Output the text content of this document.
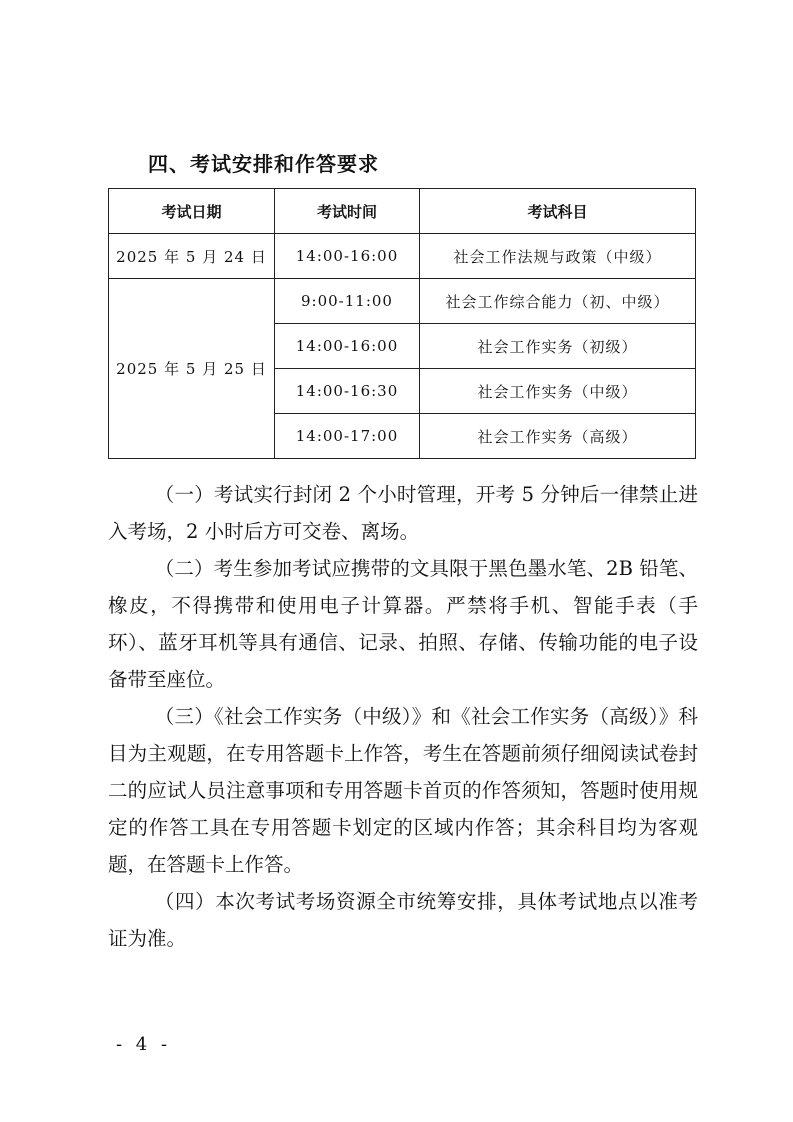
四、考试安排和作答要求
考试日期	考试时间	考试科目
2025 年 5 月 24 日	14:00-16:00	社会工作法规与政策（中级）
2025 年 5 月 25 日	9:00-11:00	社会工作综合能力（初、中级）
	14:00-16:00	社会工作实务（初级）
	14:00-16:30	社会工作实务（中级）
	14:00-17:00	社会工作实务（高级）

（一）考试实行封闭 2 个小时管理，开考 5 分钟后一律禁止进入考场，2 小时后方可交卷、离场。

（二）考生参加考试应携带的文具限于黑色墨水笔、2B 铅笔、橡皮，不得携带和使用电子计算器。严禁将手机、智能手表（手环）、蓝牙耳机等具有通信、记录、拍照、存储、传输功能的电子设备带至座位。

（三）《社会工作实务（中级）》和《社会工作实务（高级）》科目为主观题，在专用答题卡上作答，考生在答题前须仔细阅读试卷封二的应试人员注意事项和专用答题卡首页的作答须知，答题时使用规定的作答工具在专用答题卡划定的区域内作答；其余科目均为客观题，在答题卡上作答。

（四）本次考试考场资源全市统筹安排，具体考试地点以准考证为准。

- 4 -
